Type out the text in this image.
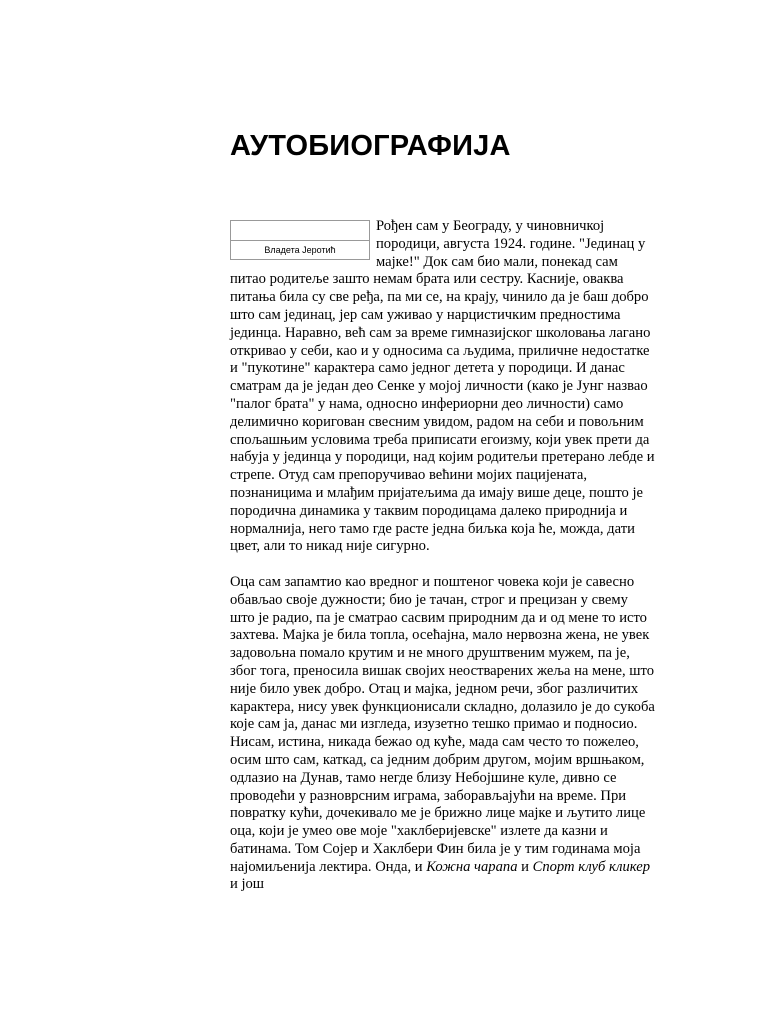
АУТОБИОГРАФИЈА

Владета Јеротић
Рођен сам у Београду, у чиновничкој породици, августа 1924. године. "Јединац у мајке!" Док сам био мали, понекад сам питао родитеље зашто немам брата или сестру. Касније, оваква питања била су све ређа, па ми се, на крају, чинило да је баш добро што сам јединац, јер сам уживао у нарцистичким предностима јединца. Наравно, већ сам за време гимназијског школовања лагано откривао у себи, као и у односима са људима, приличне недостатке и "пукотине" карактера само једног детета у породици. И данас сматрам да је један део Сенке у мојој личности (како је Јунг назвао "палог брата" у нама, односно инфериорни део личности) само делимично коригован свесним увидом, радом на себи и повољним спољашњим условима треба приписати егоизму, који увек прети да набуја у јединца у породици, над којим родитељи претерано лебде и стрепе. Отуд сам препоручивао већини мојих пацијената, познаницима и млађим пријатељима да имају више деце, пошто је породична динамика у таквим породицама далеко природнија и нормалнија, него тамо где расте једна биљка која ће, можда, дати цвет, али то никад није сигурно.

Оца сам запамтио као вредног и поштеног човека који је савесно обављао своје дужности; био је тачан, строг и прецизан у свему што је радио, па је сматрао сасвим природним да и од мене то исто захтева. Мајка је била топла, осећајна, мало нервозна жена, не увек задовољна помало крутим и не много друштвеним мужем, па је, због тога, преносила вишак својих неостварених жеља на мене, што није било увек добро. Отац и мајка, једном речи, због различитих карактера, нису увек функционисали складно, долазило је до сукоба које сам ја, данас ми изгледа, изузетно тешко примао и подносио. Нисам, истина, никада бежао од куће, мада сам често то пожелео, осим што сам, каткад, са једним добрим другом, мојим вршњаком, одлазио на Дунав, тамо негде близу Небојшине куле, дивно се проводећи у разноврсним играма, заборављајући на време. При повратку кући, дочекивало ме је брижно лице мајке и љутито лице оца, који је умео ове моје "хаклберијевске" излете да казни и батинама. Том Сојер и Хаклбери Фин била је у тим годинама моја најомиљенија лектира. Онда, и Кожна чарапа и Спорт клуб кликер и још
